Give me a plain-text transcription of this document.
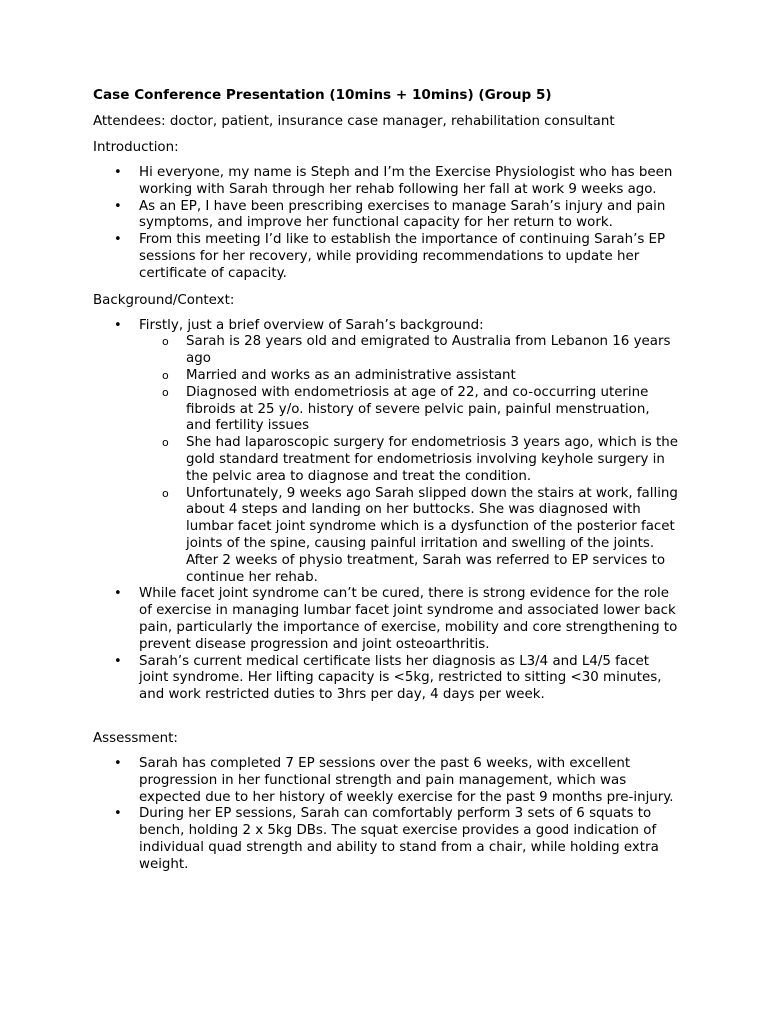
Case Conference Presentation (10mins + 10mins) (Group 5)
Attendees: doctor, patient, insurance case manager, rehabilitation consultant
Introduction:
• Hi everyone, my name is Steph and I’m the Exercise Physiologist who has been working with Sarah through her rehab following her fall at work 9 weeks ago.
• As an EP, I have been prescribing exercises to manage Sarah’s injury and pain symptoms, and improve her functional capacity for her return to work.
• From this meeting I’d like to establish the importance of continuing Sarah’s EP sessions for her recovery, while providing recommendations to update her certificate of capacity.
Background/Context:
• Firstly, just a brief overview of Sarah’s background:
o Sarah is 28 years old and emigrated to Australia from Lebanon 16 years ago
o Married and works as an administrative assistant
o Diagnosed with endometriosis at age of 22, and co-occurring uterine fibroids at 25 y/o. history of severe pelvic pain, painful menstruation, and fertility issues
o She had laparoscopic surgery for endometriosis 3 years ago, which is the gold standard treatment for endometriosis involving keyhole surgery in the pelvic area to diagnose and treat the condition.
o Unfortunately, 9 weeks ago Sarah slipped down the stairs at work, falling about 4 steps and landing on her buttocks. She was diagnosed with lumbar facet joint syndrome which is a dysfunction of the posterior facet joints of the spine, causing painful irritation and swelling of the joints. After 2 weeks of physio treatment, Sarah was referred to EP services to continue her rehab.
• While facet joint syndrome can’t be cured, there is strong evidence for the role of exercise in managing lumbar facet joint syndrome and associated lower back pain, particularly the importance of exercise, mobility and core strengthening to prevent disease progression and joint osteoarthritis.
• Sarah’s current medical certificate lists her diagnosis as L3/4 and L4/5 facet joint syndrome. Her lifting capacity is <5kg, restricted to sitting <30 minutes, and work restricted duties to 3hrs per day, 4 days per week.
Assessment:
• Sarah has completed 7 EP sessions over the past 6 weeks, with excellent progression in her functional strength and pain management, which was expected due to her history of weekly exercise for the past 9 months pre-injury.
• During her EP sessions, Sarah can comfortably perform 3 sets of 6 squats to bench, holding 2 x 5kg DBs. The squat exercise provides a good indication of individual quad strength and ability to stand from a chair, while holding extra weight.
